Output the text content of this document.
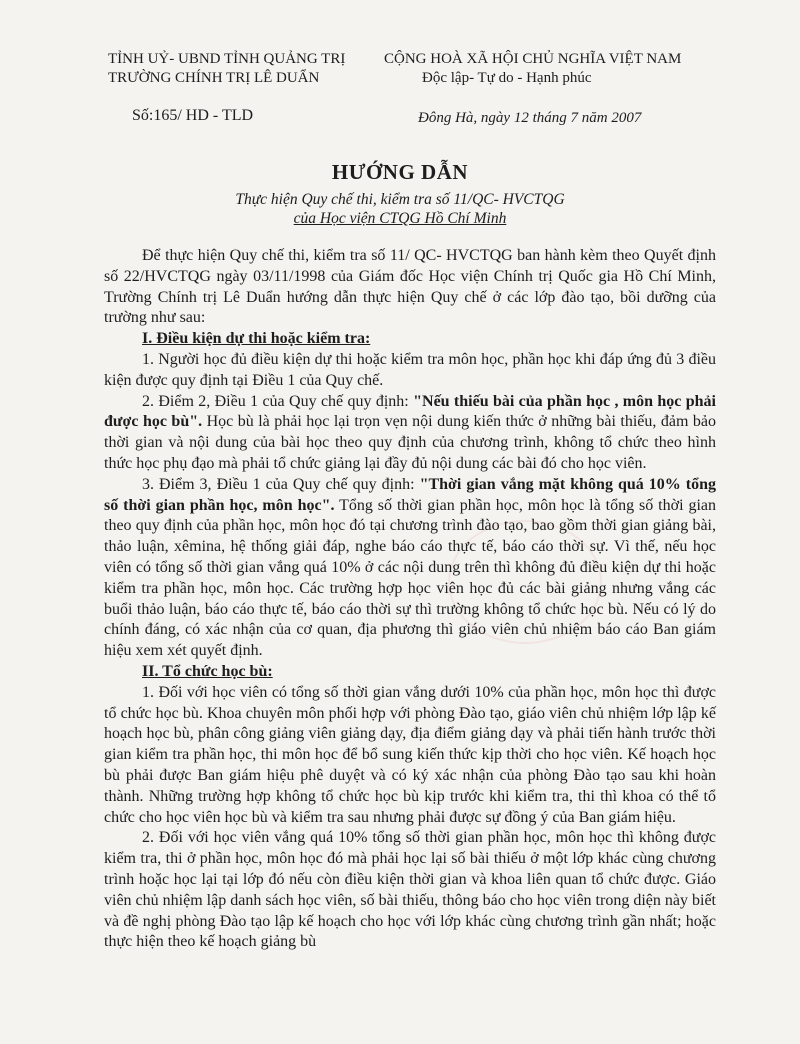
TỈNH UỶ- UBND TỈNH QUẢNG TRỊ
TRƯỜNG CHÍNH TRỊ LÊ DUẨN
CỘNG HOÀ XÃ HỘI CHỦ NGHĨA VIỆT NAM
Độc lập- Tự do - Hạnh phúc
Số:165/ HD - TLD	Đông Hà, ngày 12 tháng 7 năm 2007
HƯỚNG DẪN
Thực hiện Quy chế thi, kiểm tra số 11/QC- HVCTQG
của Học viện CTQG Hồ Chí Minh

Để thực hiện Quy chế thi, kiểm tra số 11/ QC- HVCTQG ban hành kèm theo Quyết định số 22/HVCTQG ngày 03/11/1998 của Giám đốc Học viện Chính trị Quốc gia Hồ Chí Minh, Trường Chính trị Lê Duẩn hướng dẫn thực hiện Quy chế ở các lớp đào tạo, bồi dưỡng của trường như sau:

I. Điều kiện dự thi hoặc kiểm tra:

1. Người học đủ điều kiện dự thi hoặc kiểm tra môn học, phần học khi đáp ứng đủ 3 điều kiện được quy định tại Điều 1 của Quy chế.

2. Điểm 2, Điều 1 của Quy chế quy định: "Nếu thiếu bài của phần học , môn học phải được học bù". Học bù là phải học lại trọn vẹn nội dung kiến thức ở những bài thiếu, đảm bảo thời gian và nội dung của bài học theo quy định của chương trình, không tổ chức theo hình thức học phụ đạo mà phải tổ chức giảng lại đầy đủ nội dung các bài đó cho học viên.

3. Điểm 3, Điều 1 của Quy chế quy định: "Thời gian vắng mặt không quá 10% tổng số thời gian phần học, môn học". Tổng số thời gian phần học, môn học là tổng số thời gian theo quy định của phần học, môn học đó tại chương trình đào tạo, bao gồm thời gian giảng bài, thảo luận, xêmina, hệ thống giải đáp, nghe báo cáo thực tế, báo cáo thời sự. Vì thế, nếu học viên có tổng số thời gian vắng quá 10% ở các nội dung trên thì không đủ điều kiện dự thi hoặc kiểm tra phần học, môn học. Các trường hợp học viên học đủ các bài giảng nhưng vắng các buổi thảo luận, báo cáo thực tế, báo cáo thời sự thì trường không tổ chức học bù. Nếu có lý do chính đáng, có xác nhận của cơ quan, địa phương thì giáo viên chủ nhiệm báo cáo Ban giám hiệu xem xét quyết định.

II. Tổ chức học bù:

1. Đối với học viên có tổng số thời gian vắng dưới 10% của phần học, môn học thì được tổ chức học bù. Khoa chuyên môn phối hợp với phòng Đào tạo, giáo viên chủ nhiệm lớp lập kế hoạch học bù, phân công giảng viên giảng dạy, địa điểm giảng dạy và phải tiến hành trước thời gian kiểm tra phần học, thi môn học để bổ sung kiến thức kịp thời cho học viên. Kế hoạch học bù phải được Ban giám hiệu phê duyệt và có ký xác nhận của phòng Đào tạo sau khi hoàn thành. Những trường hợp không tổ chức học bù kịp trước khi kiểm tra, thi thì khoa có thể tổ chức cho học viên học bù và kiểm tra sau nhưng phải được sự đồng ý của Ban giám hiệu.

2. Đối với học viên vắng quá 10% tổng số thời gian phần học, môn học thì không được kiểm tra, thi ở phần học, môn học đó mà phải học lại số bài thiếu ở một lớp khác cùng chương trình hoặc học lại tại lớp đó nếu còn điều kiện thời gian và khoa liên quan tổ chức được. Giáo viên chủ nhiệm lập danh sách học viên, số bài thiếu, thông báo cho học viên trong diện này biết và đề nghị phòng Đào tạo lập kế hoạch cho học với lớp khác cùng chương trình gần nhất; hoặc thực hiện theo kế hoạch giảng bù
